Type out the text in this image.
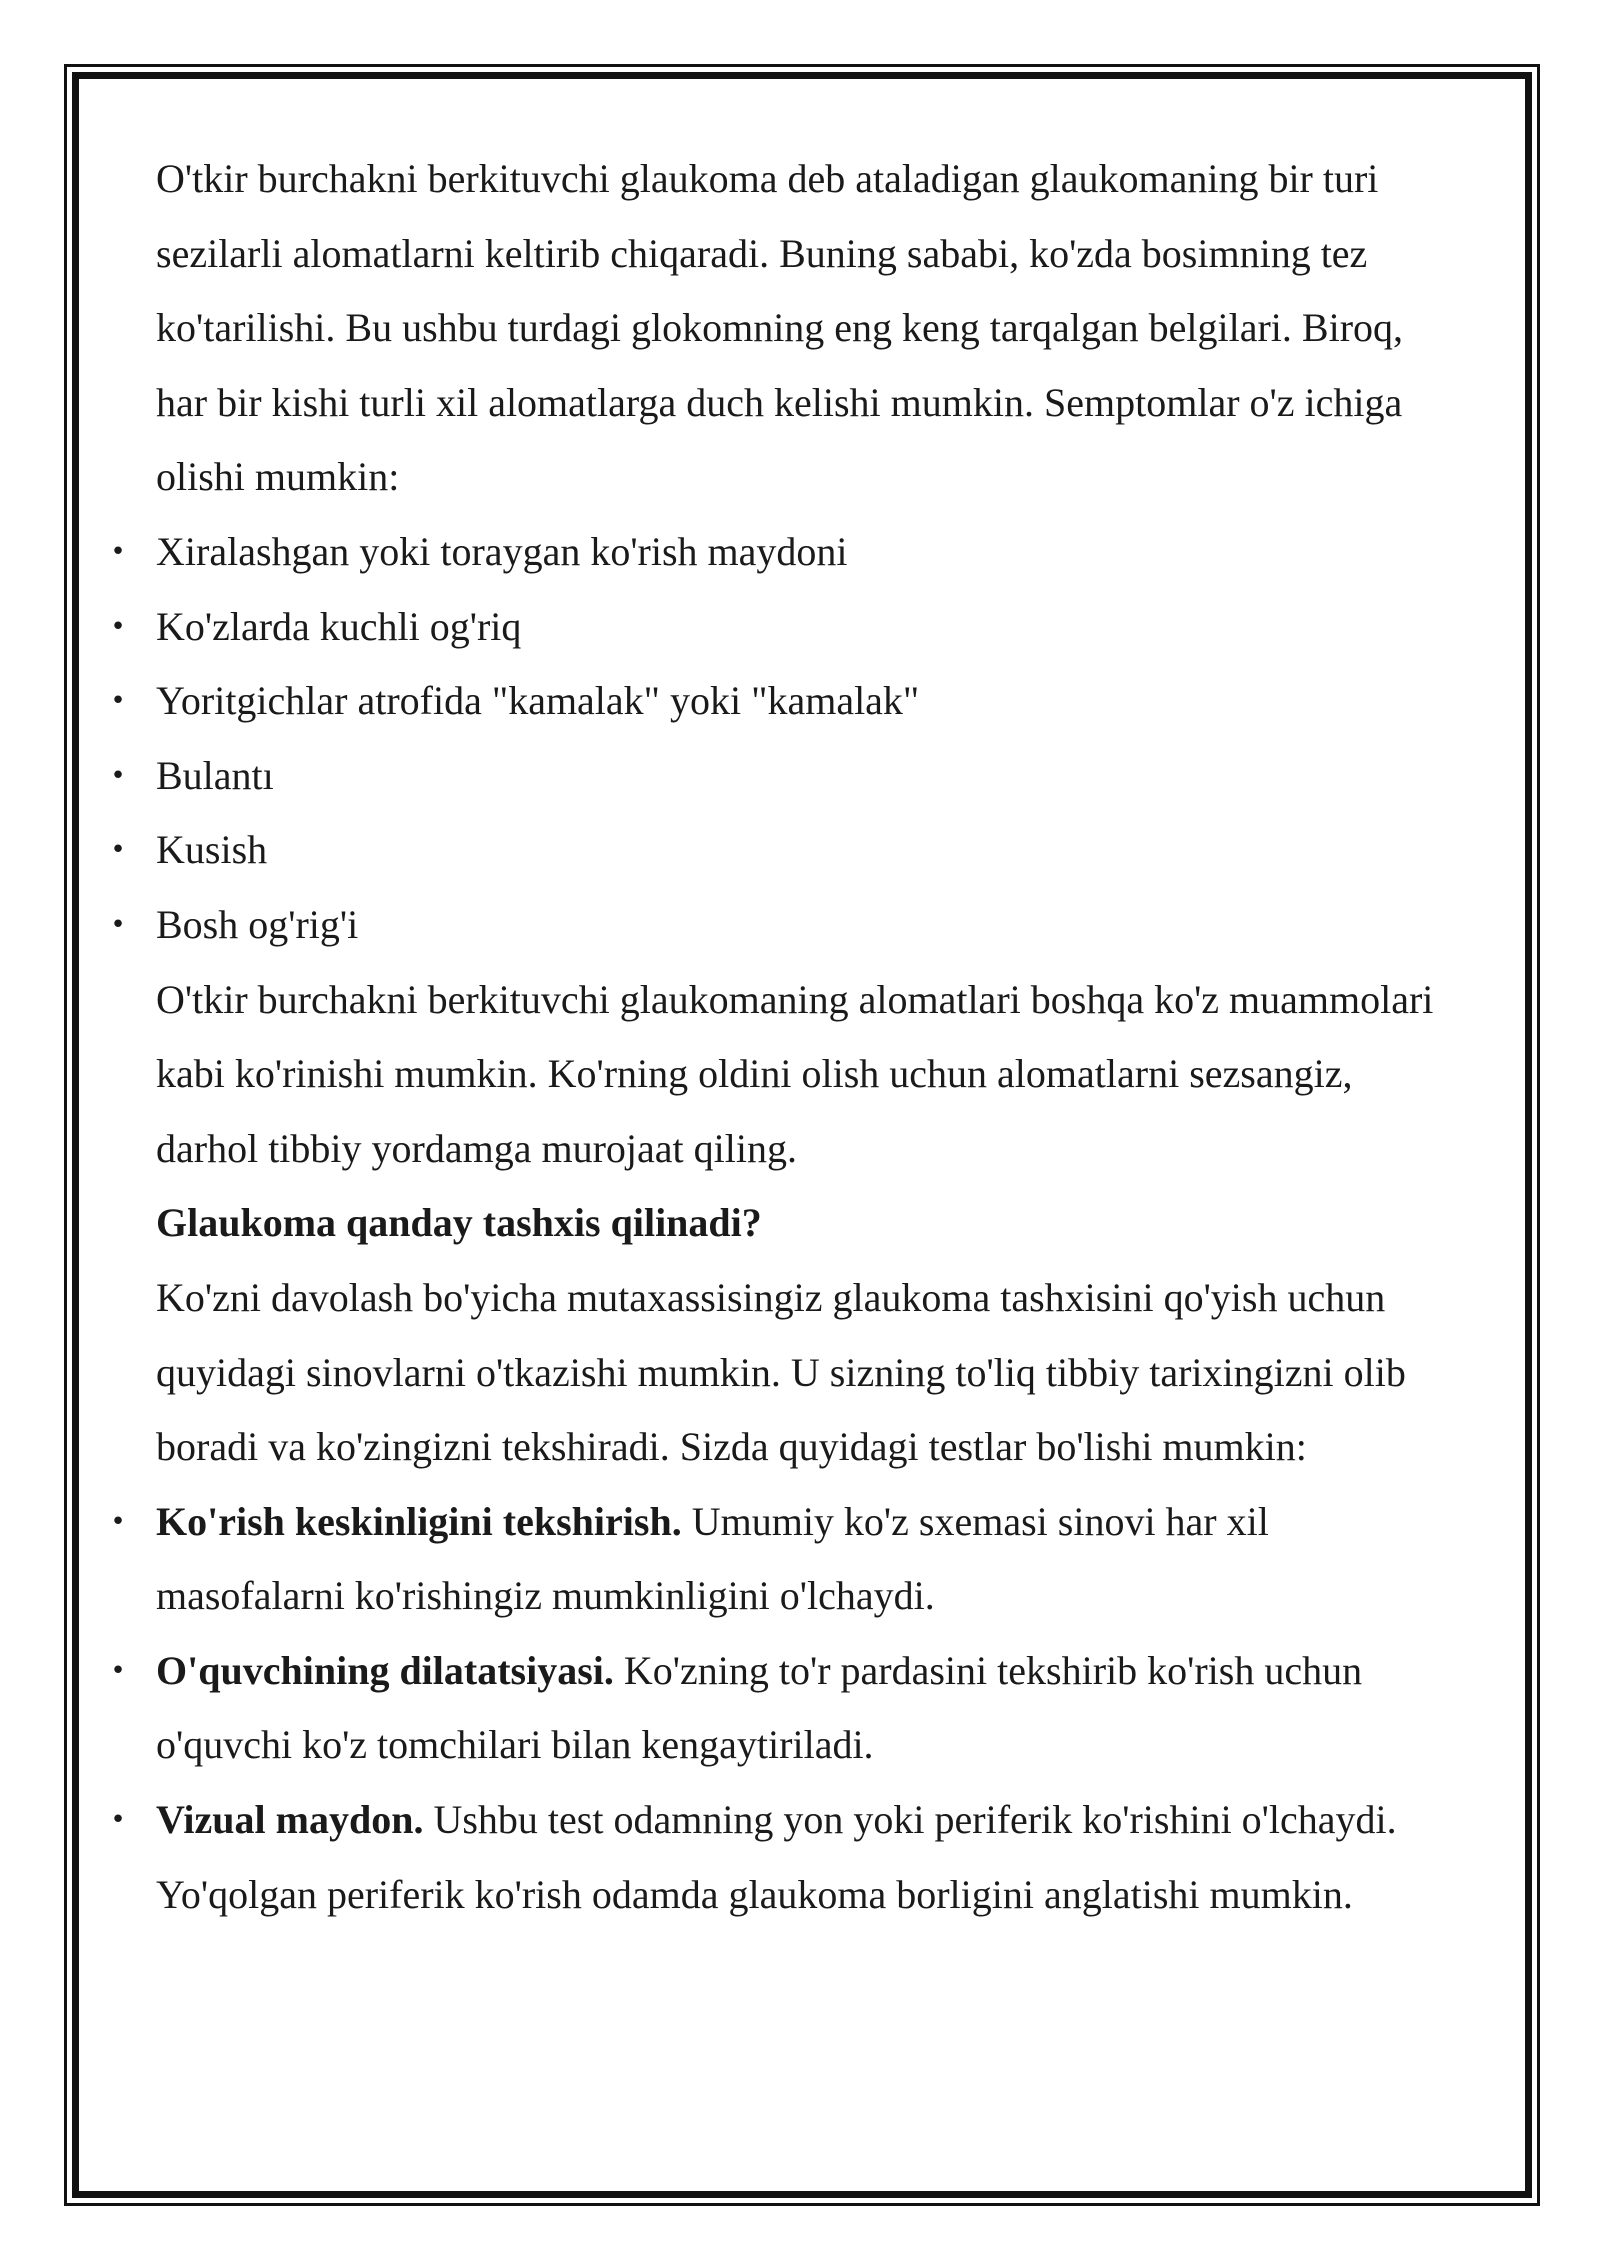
O'tkir burchakni berkituvchi glaukoma deb ataladigan glaukomaning bir turi sezilarli alomatlarni keltirib chiqaradi. Buning sababi, ko'zda bosimning tez ko'tarilishi. Bu ushbu turdagi glokomning eng keng tarqalgan belgilari. Biroq, har bir kishi turli xil alomatlarga duch kelishi mumkin. Semptomlar o'z ichiga olishi mumkin:

• Xiralashgan yoki toraygan ko'rish maydoni
• Ko'zlarda kuchli og'riq
• Yoritgichlar atrofida "kamalak" yoki "kamalak"
• Bulantı
• Kusish
• Bosh og'rig'i

O'tkir burchakni berkituvchi glaukomaning alomatlari boshqa ko'z muammolari kabi ko'rinishi mumkin. Ko'rning oldini olish uchun alomatlarni sezsangiz, darhol tibbiy yordamga murojaat qiling.

Glaukoma qanday tashxis qilinadi?

Ko'zni davolash bo'yicha mutaxassisingiz glaukoma tashxisini qo'yish uchun quyidagi sinovlarni o'tkazishi mumkin. U sizning to'liq tibbiy tarixingizni olib boradi va ko'zingizni tekshiradi. Sizda quyidagi testlar bo'lishi mumkin:

• Ko'rish keskinligini tekshirish. Umumiy ko'z sxemasi sinovi har xil masofalarni ko'rishingiz mumkinligini o'lchaydi.
• O'quvchining dilatatsiyasi. Ko'zning to'r pardasini tekshirib ko'rish uchun o'quvchi ko'z tomchilari bilan kengaytiriladi.
• Vizual maydon. Ushbu test odamning yon yoki periferik ko'rishini o'lchaydi. Yo'qolgan periferik ko'rish odamda glaukoma borligini anglatishi mumkin.
